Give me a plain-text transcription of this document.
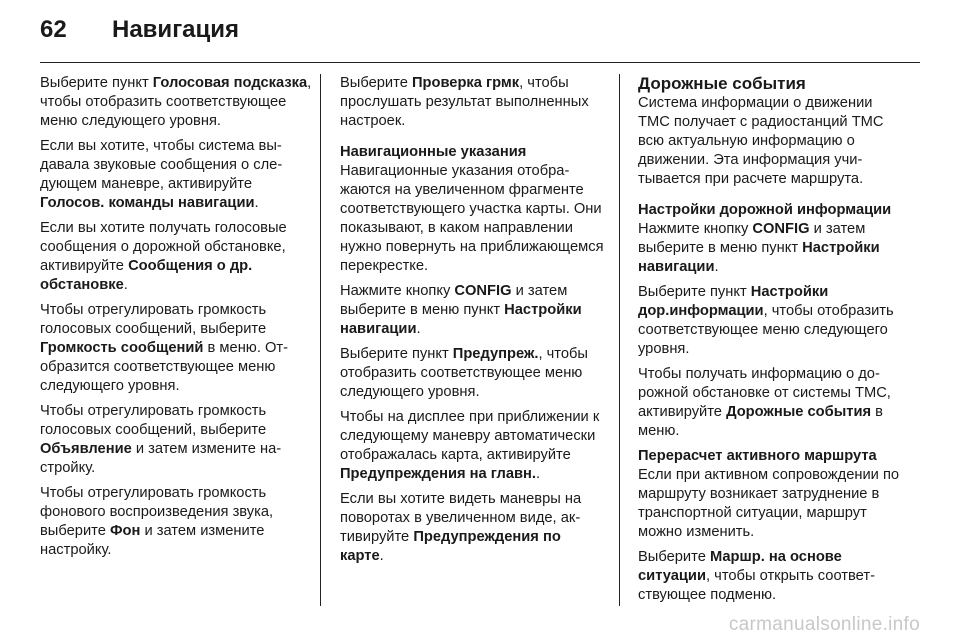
62	Навигация

Выберите пункт Голосовая подсказка, чтобы отобразить соответствующее меню следующего уровня.

Если вы хотите, чтобы система выдавала звуковые сообщения о следующем маневре, активируйте Голосов. команды навигации.

Если вы хотите получать голосовые сообщения о дорожной обстановке, активируйте Сообщения о др. обстановке.

Чтобы отрегулировать громкость голосовых сообщений, выберите Громкость сообщений в меню. Отобразится соответствующее меню следующего уровня.

Чтобы отрегулировать громкость голосовых сообщений, выберите Объявление и затем измените настройку.

Чтобы отрегулировать громкость фонового воспроизведения звука, выберите Фон и затем измените настройку.

Выберите Проверка грмк, чтобы прослушать результат выполненных настроек.

Навигационные указания

Навигационные указания отображаются на увеличенном фрагменте соответствующего участка карты. Они показывают, в каком направлении нужно повернуть на приближающемся перекрестке.

Нажмите кнопку CONFIG и затем выберите в меню пункт Настройки навигации.

Выберите пункт Предупреж., чтобы отобразить соответствующее меню следующего уровня.

Чтобы на дисплее при приближении к следующему маневру автоматически отображалась карта, активируйте Предупреждения на главн..

Если вы хотите видеть маневры на поворотах в увеличенном виде, активируйте Предупреждения по карте.

Дорожные события

Система информации о движении TMC получает с радиостанций TMC всю актуальную информацию о движении. Эта информация учитывается при расчете маршрута.

Настройки дорожной информации

Нажмите кнопку CONFIG и затем выберите в меню пункт Настройки навигации.

Выберите пункт Настройки дор.информации, чтобы отобразить соответствующее меню следующего уровня.

Чтобы получать информацию о дорожной обстановке от системы TMC, активируйте Дорожные события в меню.

Перерасчет активного маршрута

Если при активном сопровождении по маршруту возникает затруднение в транспортной ситуации, маршрут можно изменить.

Выберите Маршр. на основе ситуации, чтобы открыть соответствующее подменю.

carmanualsonline.info
